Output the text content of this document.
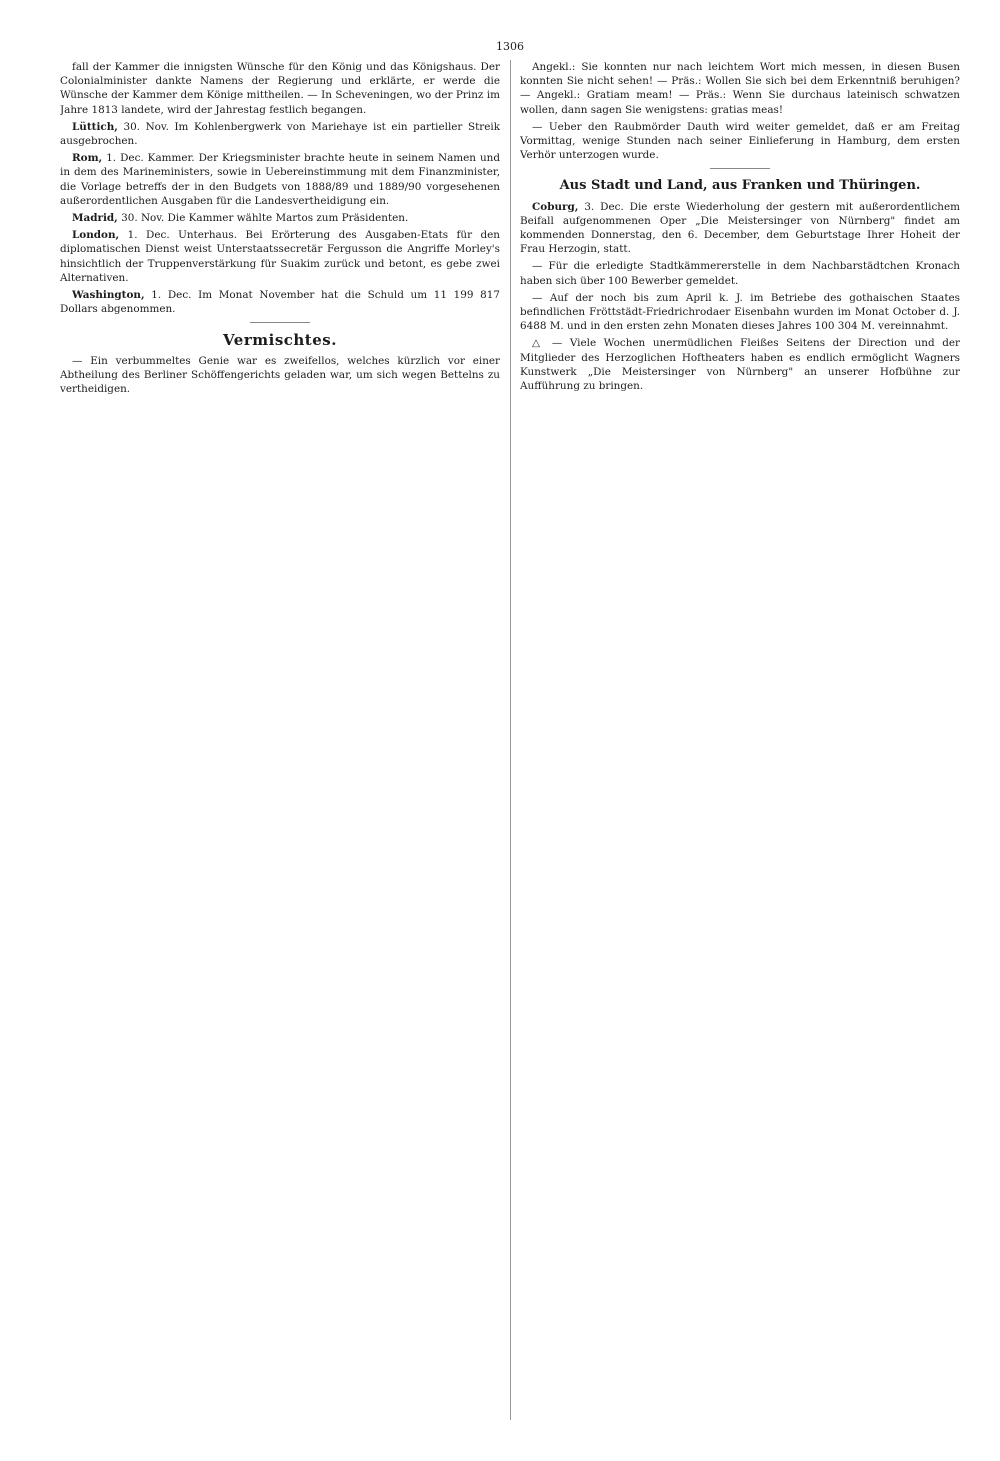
1306

fall der Kammer die innigsten Wünsche für den König und das Königshaus. Der Colonialminister dankte Namens der Regierung und erklärte, er werde die Wünsche der Kammer dem Könige mittheilen. — In Scheveningen, wo der Prinz im Jahre 1813 landete, wird der Jahrestag festlich begangen.

Lüttich, 30. Nov. Im Kohlenbergwerk von Mariehaye ist ein partieller Streik ausgebrochen.

Rom, 1. Dec. Kammer. Der Kriegsminister brachte heute in seinem Namen und in dem des Marineministers, sowie in Uebereinstimmung mit dem Finanzminister, die Vorlage betreffs der in den Budgets von 1888/89 und 1889/90 vorgesehenen außerordentlichen Ausgaben für die Landesvertheidigung ein.

Madrid, 30. Nov. Die Kammer wählte Martos zum Präsidenten.

London, 1. Dec. Unterhaus. Bei Erörterung des Ausgaben-Etats für den diplomatischen Dienst weist Unterstaatssecretär Fergusson die Angriffe Morley's hinsichtlich der Truppenverstärkung für Suakim zurück und betont, es gebe zwei Alternativen.

Washington, 1. Dec. Im Monat November hat die Schuld um 11 199 817 Dollars abgenommen.

Vermischtes.

— Ein verbummeltes Genie war es zweifellos, welches kürzlich vor einer Abtheilung des Berliner Schöffengerichts geladen war, um sich wegen Bettelns zu vertheidigen.

Angekl.: Sie konnten nur nach leichtem Wort mich messen, in diesen Busen konnten Sie nicht sehen! — Präs.: Wollen Sie sich bei dem Erkenntniß beruhigen? — Angekl.: Gratiam meam! — Präs.: Wenn Sie durchaus lateinisch schwatzen wollen, dann sagen Sie wenigstens: gratias meas!

— Ueber den Raubmörder Dauth wird weiter gemeldet, daß er am Freitag Vormittag, wenige Stunden nach seiner Einlieferung in Hamburg, dem ersten Verhör unterzogen wurde.

Aus Stadt und Land, aus Franken und Thüringen.

Coburg, 3. Dec. Die erste Wiederholung der gestern mit außerordentlichem Beifall aufgenommenen Oper „Die Meistersinger von Nürnberg" findet am kommenden Donnerstag, den 6. December, dem Geburtstage Ihrer Hoheit der Frau Herzogin, statt.

— Für die erledigte Stadtkämmererstelle in dem Nachbarstädtchen Kronach haben sich über 100 Bewerber gemeldet.

— Auf der noch bis zum April k. J. im Betriebe des gothaischen Staates befindlichen Fröttstädt-Friedrichrodaer Eisenbahn wurden im Monat October d. J. 6488 M. und in den ersten zehn Monaten dieses Jahres 100 304 M. vereinnahmt.

△ — Viele Wochen unermüdlichen Fleißes Seitens der Direction und der Mitglieder des Herzoglichen Hoftheaters haben es endlich ermöglicht Wagners Kunstwerk „Die Meistersinger von Nürnberg" an unserer Hofbühne zur Aufführung zu bringen.
